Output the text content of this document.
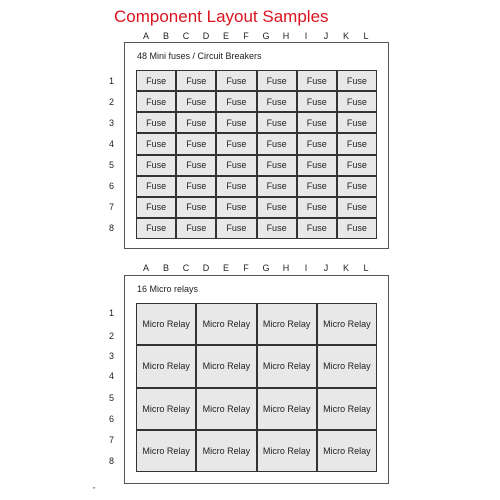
Component Layout Samples
A B C D E F G H I J K L
48 Mini fuses / Circuit Breakers
Fuse	Fuse	Fuse	Fuse	Fuse	Fuse
Fuse	Fuse	Fuse	Fuse	Fuse	Fuse
Fuse	Fuse	Fuse	Fuse	Fuse	Fuse
Fuse	Fuse	Fuse	Fuse	Fuse	Fuse
Fuse	Fuse	Fuse	Fuse	Fuse	Fuse
Fuse	Fuse	Fuse	Fuse	Fuse	Fuse
Fuse	Fuse	Fuse	Fuse	Fuse	Fuse
Fuse	Fuse	Fuse	Fuse	Fuse	Fuse
1
2
3
4
5
6
7
8
A B C D E F G H I J K L
16 Micro relays
Micro Relay	Micro Relay	Micro Relay	Micro Relay
Micro Relay	Micro Relay	Micro Relay	Micro Relay
Micro Relay	Micro Relay	Micro Relay	Micro Relay
Micro Relay	Micro Relay	Micro Relay	Micro Relay
1
2
3
4
5
6
7
8
"
